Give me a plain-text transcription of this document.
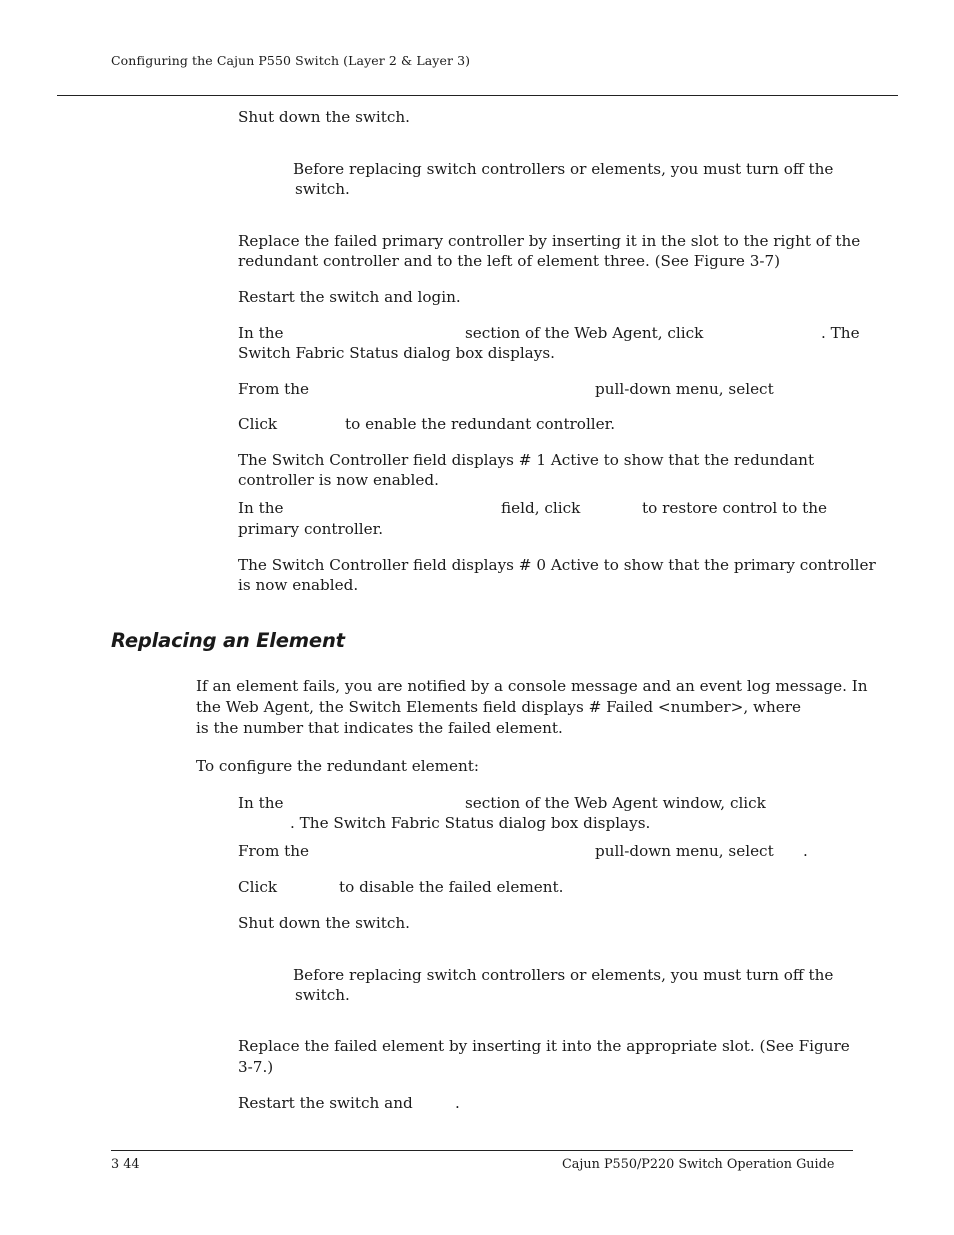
Configuring the Cajun P550 Switch (Layer 2 & Layer 3)
Shut down the switch.
Before replacing switch controllers or elements, you must turn off the
switch.
Replace the failed primary controller by inserting it in the slot to the right of the
redundant controller and to the left of element three. (See Figure 3-7)
Restart the switch and login.
In the	section of the Web Agent, click	. The
Switch Fabric Status dialog box displays.
From the	pull-down menu, select
Click	to enable the redundant controller.
The Switch Controller field displays # 1 Active to show that the redundant
controller is now enabled.
In the	field, click	to restore control to the
primary controller.
The Switch Controller field displays # 0 Active to show that the primary controller
is now enabled.
Replacing an Element
If an element fails, you are notified by a console message and an event log message. In
the Web Agent, the Switch Elements field displays # Failed <number>, where
is the number that indicates the failed element.
To configure the redundant element:
In the	section of the Web Agent window, click
. The Switch Fabric Status dialog box displays.
From the	pull-down menu, select .
Click	to disable the failed element.
Shut down the switch.
Before replacing switch controllers or elements, you must turn off the
switch.
Replace the failed element by inserting it into the appropriate slot. (See Figure
3-7.)
Restart the switch and	.
3 44	Cajun P550/P220 Switch Operation Guide
